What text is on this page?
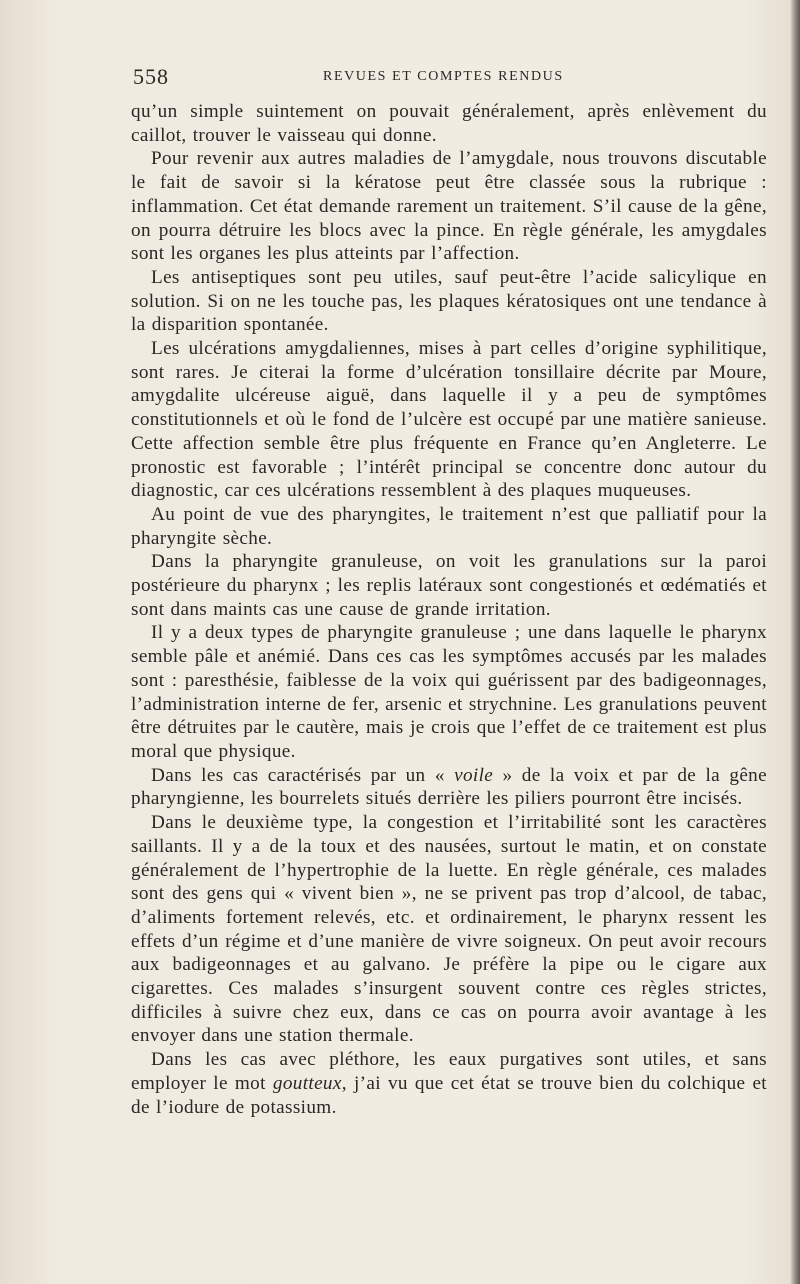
558	REVUES ET COMPTES RENDUS

qu’un simple suintement on pouvait généralement, après enlèvement du caillot, trouver le vaisseau qui donne.

Pour revenir aux autres maladies de l’amygdale, nous trouvons discutable le fait de savoir si la kératose peut être classée sous la rubrique : inflammation. Cet état demande rarement un traitement. S’il cause de la gêne, on pourra détruire les blocs avec la pince. En règle générale, les amygdales sont les organes les plus atteints par l’affection.

Les antiseptiques sont peu utiles, sauf peut-être l’acide salicylique en solution. Si on ne les touche pas, les plaques kératosiques ont une tendance à la disparition spontanée.

Les ulcérations amygdaliennes, mises à part celles d’origine syphilitique, sont rares. Je citerai la forme d’ulcération tonsillaire décrite par Moure, amygdalite ulcéreuse aiguë, dans laquelle il y a peu de symptômes constitutionnels et où le fond de l’ulcère est occupé par une matière sanieuse. Cette affection semble être plus fréquente en France qu’en Angleterre. Le pronostic est favorable ; l’intérêt principal se concentre donc autour du diagnostic, car ces ulcérations ressemblent à des plaques muqueuses.

Au point de vue des pharyngites, le traitement n’est que palliatif pour la pharyngite sèche.

Dans la pharyngite granuleuse, on voit les granulations sur la paroi postérieure du pharynx ; les replis latéraux sont congestionés et œdématiés et sont dans maints cas une cause de grande irritation.

Il y a deux types de pharyngite granuleuse ; une dans laquelle le pharynx semble pâle et anémié. Dans ces cas les symptômes accusés par les malades sont : paresthésie, faiblesse de la voix qui guérissent par des badigeonnages, l’administration interne de fer, arsenic et strychnine. Les granulations peuvent être détruites par le cautère, mais je crois que l’effet de ce traitement est plus moral que physique.

Dans les cas caractérisés par un « voile » de la voix et par de la gêne pharyngienne, les bourrelets situés derrière les piliers pourront être incisés.

Dans le deuxième type, la congestion et l’irritabilité sont les caractères saillants. Il y a de la toux et des nausées, surtout le matin, et on constate généralement de l’hypertrophie de la luette. En règle générale, ces malades sont des gens qui « vivent bien », ne se privent pas trop d’alcool, de tabac, d’aliments fortement relevés, etc. et ordinairement, le pharynx ressent les effets d’un régime et d’une manière de vivre soigneux. On peut avoir recours aux badigeonnages et au galvano. Je préfère la pipe ou le cigare aux cigarettes. Ces malades s’insurgent souvent contre ces règles strictes, difficiles à suivre chez eux, dans ce cas on pourra avoir avantage à les envoyer dans une station thermale.

Dans les cas avec pléthore, les eaux purgatives sont utiles, et sans employer le mot goutteux, j’ai vu que cet état se trouve bien du colchique et de l’iodure de potassium.
